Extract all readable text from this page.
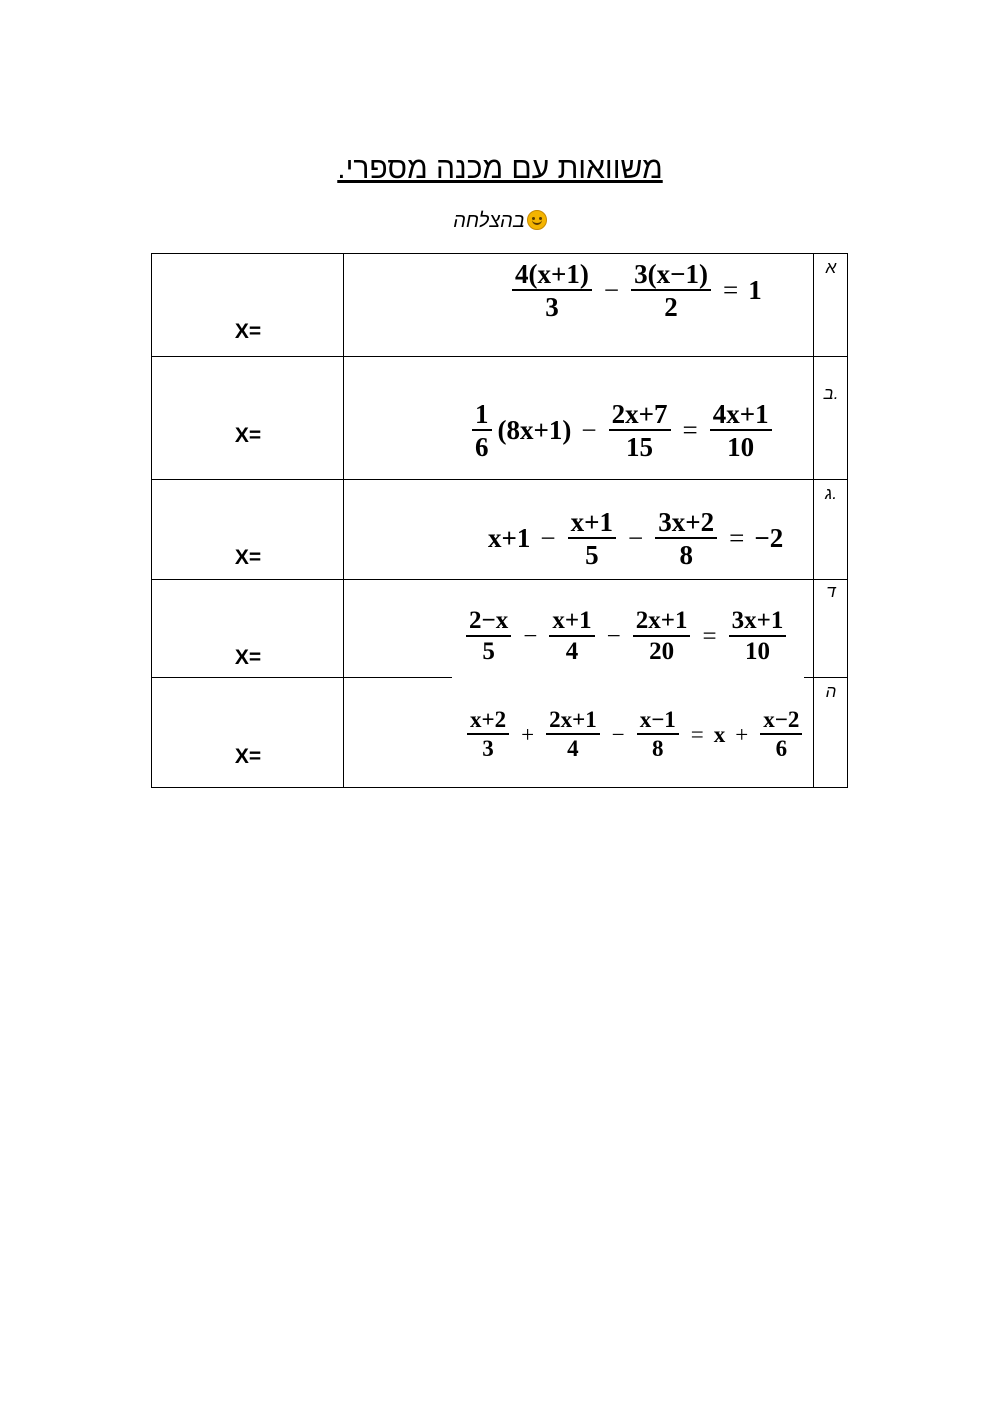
משוואות עם מכנה מספרי.
בהצלחה
X=
א
$\frac{4(x+1)}{3} - \frac{3(x-1)}{2} = 1$
X=
ב.
$\frac{1}{6} (8x+1) - \frac{2x+7}{15} = \frac{4x+1}{10}$
X=
ג.
$x+1 - \frac{x+1}{5} - \frac{3x+2}{8} = -2$
X=
ד
$\frac{2-x}{5} - \frac{x+1}{4} - \frac{2x+1}{20} = \frac{3x+1}{10}$
X=
ה
$\frac{x+2}{3} + \frac{2x+1}{4} - \frac{x-1}{8} = x + \frac{x-2}{6}$
